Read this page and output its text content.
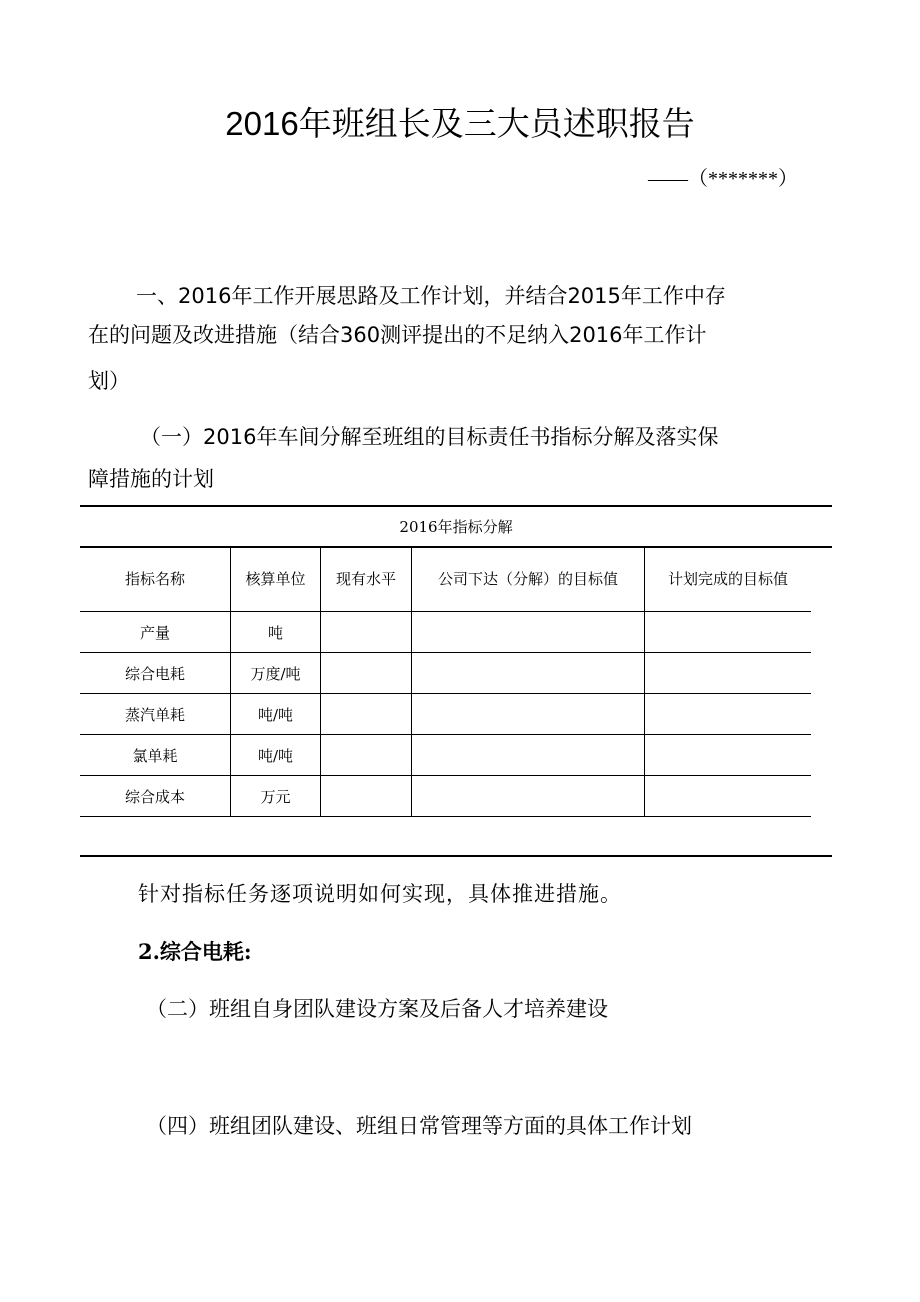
2016年班组长及三大员述职报告
——（*******）
一、2016年工作开展思路及工作计划，并结合2015年工作中存
在的问题及改进措施（结合360测评提出的不足纳入2016年工作计
划）
（一）2016年车间分解至班组的目标责任书指标分解及落实保
障措施的计划
2016年指标分解
指标名称	核算单位	现有水平	公司下达（分解）的目标值	计划完成的目标值
产量	吨			
综合电耗	万度/吨			
蒸汽单耗	吨/吨			
氯单耗	吨/吨			
综合成本	万元			
针对指标任务逐项说明如何实现，具体推进措施。
2.综合电耗:
（二）班组自身团队建设方案及后备人才培养建设
（四）班组团队建设、班组日常管理等方面的具体工作计划
